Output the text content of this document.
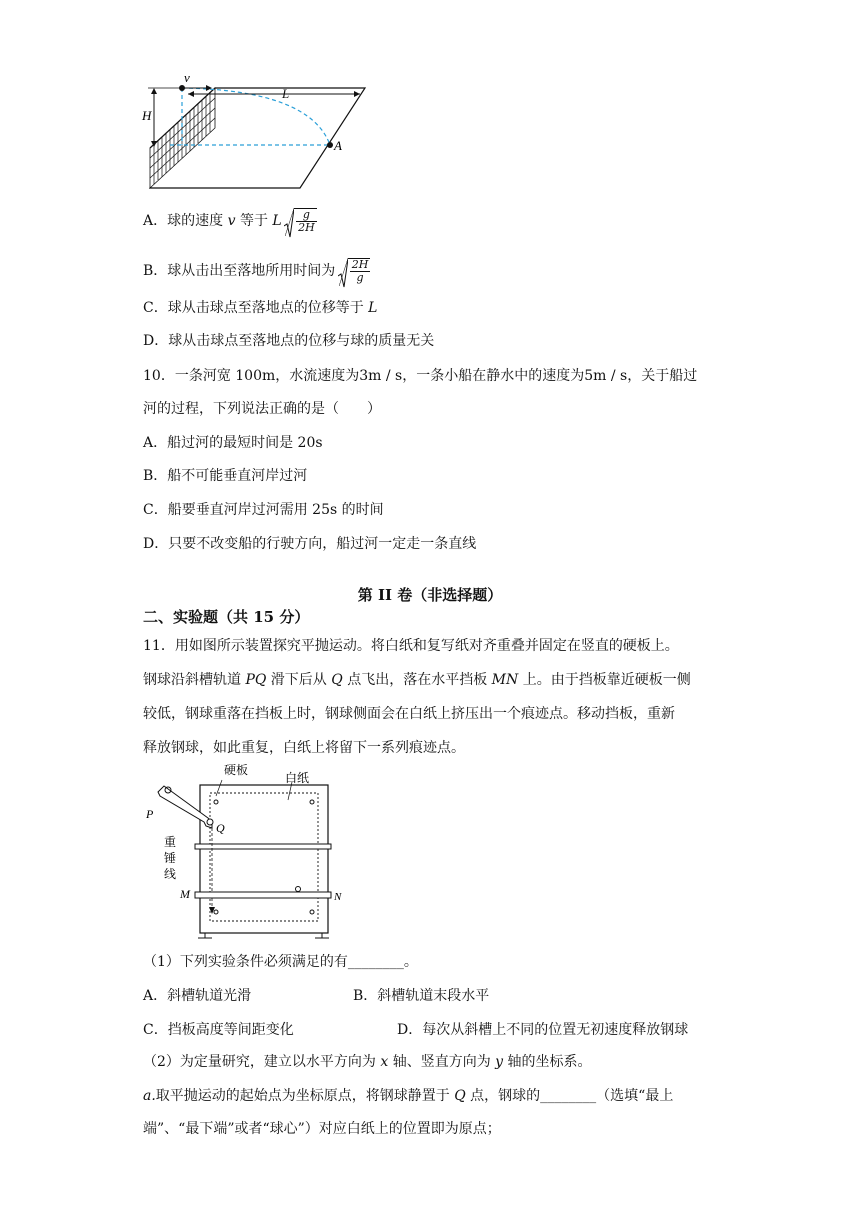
v
H
L
A
A．球的速度 v 等于 L $\frac{g}{2H}$
B．球从击出至落地所用时间为 $\frac{2H}{g}$
C．球从击球点至落地点的位移等于 L
D．球从击球点至落地点的位移与球的质量无关
10．一条河宽 100m，水流速度为3m / s，一条小船在静水中的速度为5m / s，关于船过
河的过程，下列说法正确的是（　　）
A．船过河的最短时间是 20s
B．船不可能垂直河岸过河
C．船要垂直河岸过河需用 25s 的时间
D．只要不改变船的行驶方向，船过河一定走一条直线
第 II 卷（非选择题）
二、实验题（共 15 分）
11．用如图所示装置探究平抛运动。将白纸和复写纸对齐重叠并固定在竖直的硬板上。
钢球沿斜槽轨道 PQ 滑下后从 Q 点飞出，落在水平挡板 MN 上。由于挡板靠近硬板一侧
较低，钢球重落在挡板上时，钢球侧面会在白纸上挤压出一个痕迹点。移动挡板，重新
释放钢球，如此重复，白纸上将留下一系列痕迹点。
硬板
白纸
P
Q
重
锤
线
M	N
（1）下列实验条件必须满足的有________。
A．斜槽轨道光滑	B．斜槽轨道末段水平
C．挡板高度等间距变化	D．每次从斜槽上不同的位置无初速度释放钢球
（2）为定量研究，建立以水平方向为 x 轴、竖直方向为 y 轴的坐标系。
a.取平抛运动的起始点为坐标原点，将钢球静置于 Q 点，钢球的________（选填“最上
端”、“最下端”或者“球心”）对应白纸上的位置即为原点；
